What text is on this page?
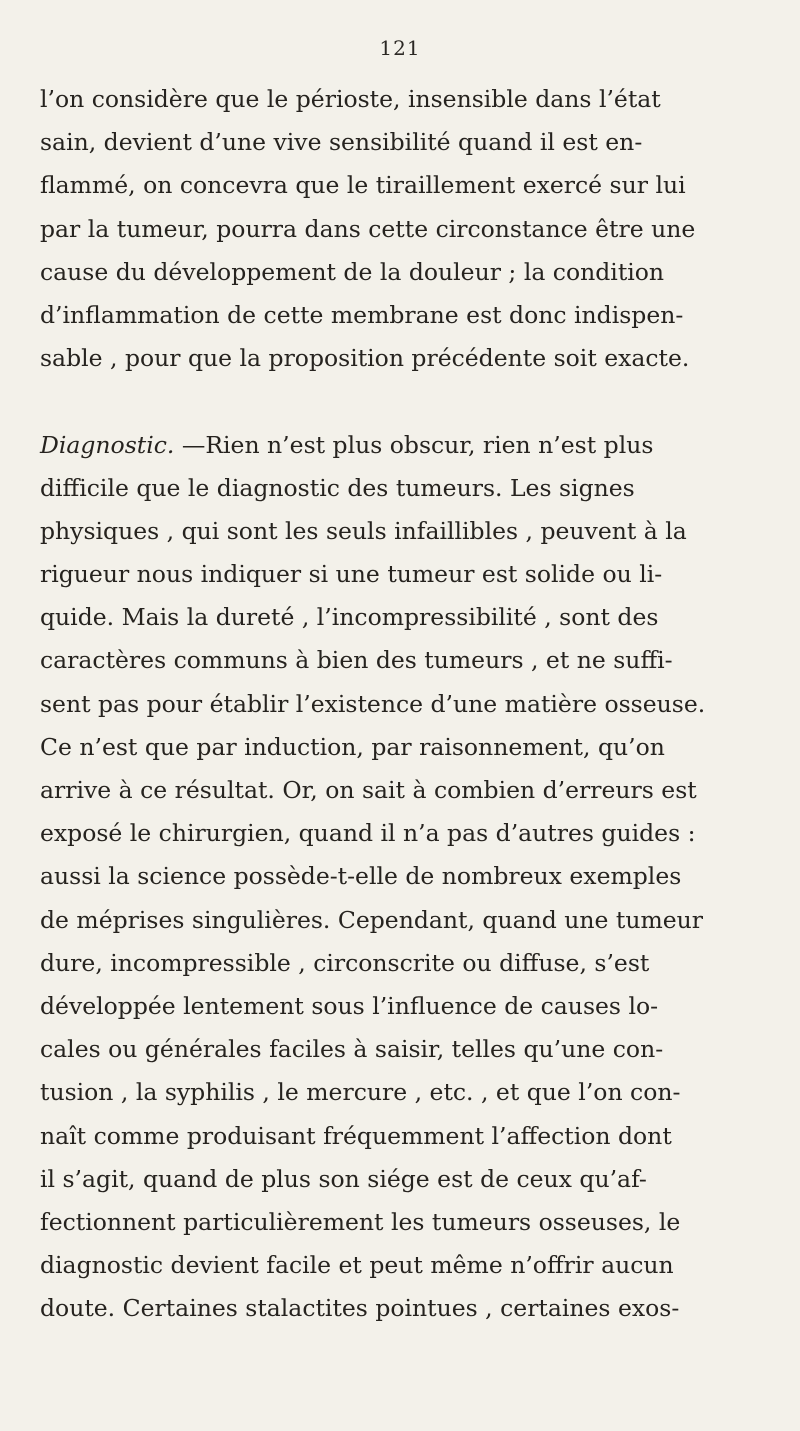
121
l’on considère que le périoste, insensible dans l’état
sain, devient d’une vive sensibilité quand il est en-
flammé, on concevra que le tiraillement exercé sur lui
par la tumeur, pourra dans cette circonstance être une
cause du développement de la douleur ; la condition
d’inflammation de cette membrane est donc indispen-
sable , pour que la proposition précédente soit exacte.
Diagnostic. —Rien n’est plus obscur, rien n’est plus
difficile que le diagnostic des tumeurs. Les signes
physiques , qui sont les seuls infaillibles , peuvent à la
rigueur nous indiquer si une tumeur est solide ou li-
quide. Mais la dureté , l’incompressibilité , sont des
caractères communs à bien des tumeurs , et ne suffi-
sent pas pour établir l’existence d’une matière osseuse.
Ce n’est que par induction, par raisonnement, qu’on
arrive à ce résultat. Or, on sait à combien d’erreurs est
exposé le chirurgien, quand il n’a pas d’autres guides :
aussi la science possède-t-elle de nombreux exemples
de méprises singulières. Cependant, quand une tumeur
dure, incompressible , circonscrite ou diffuse, s’est
développée lentement sous l’influence de causes lo-
cales ou générales faciles à saisir, telles qu’une con-
tusion , la syphilis , le mercure , etc. , et que l’on con-
naît comme produisant fréquemment l’affection dont
il s’agit, quand de plus son siége est de ceux qu’af-
fectionnent particulièrement les tumeurs osseuses, le
diagnostic devient facile et peut même n’offrir aucun
doute. Certaines stalactites pointues , certaines exos-
